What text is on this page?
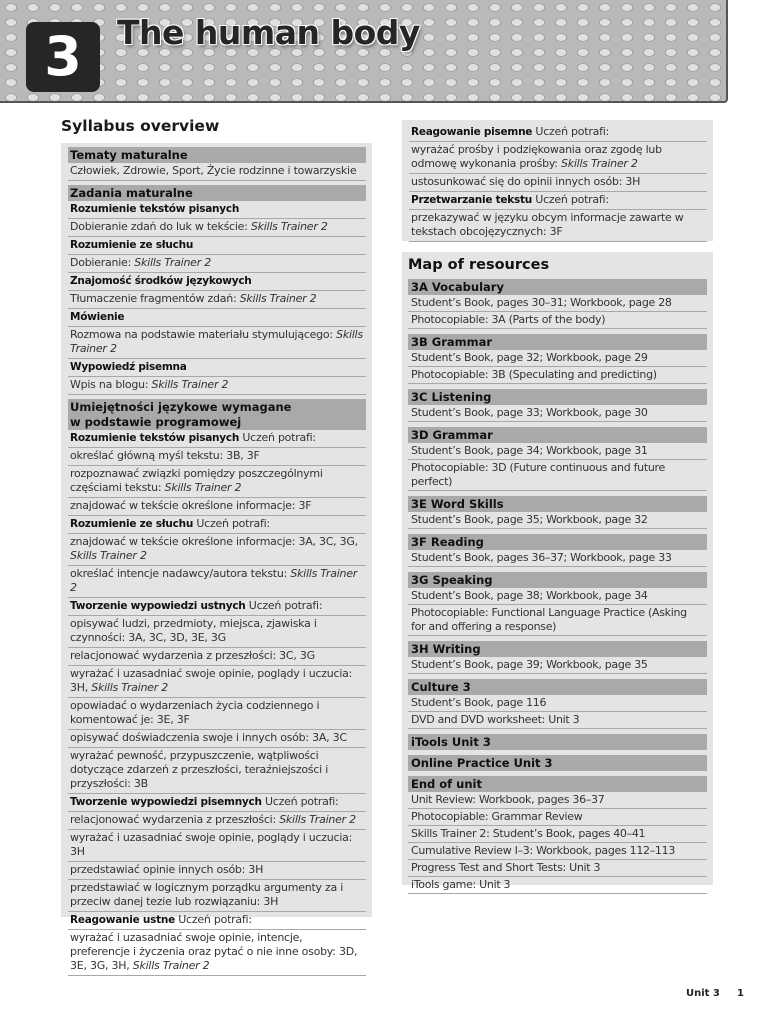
3	The human body
Syllabus overview
Tematy maturalne
Człowiek, Zdrowie, Sport, Życie rodzinne i towarzyskie
Zadania maturalne
Rozumienie tekstów pisanych
Dobieranie zdań do luk w tekście: Skills Trainer 2
Rozumienie ze słuchu
Dobieranie: Skills Trainer 2
Znajomość środków językowych
Tłumaczenie fragmentów zdań: Skills Trainer 2
Mówienie
Rozmowa na podstawie materiału stymulującego: Skills Trainer 2
Wypowiedź pisemna
Wpis na blogu: Skills Trainer 2
Umiejętności językowe wymagane
w podstawie programowej
Rozumienie tekstów pisanych Uczeń potrafi:
określać główną myśl tekstu: 3B, 3F
rozpoznawać związki pomiędzy poszczególnymi częściami tekstu: Skills Trainer 2
znajdować w tekście określone informacje: 3F
Rozumienie ze słuchu Uczeń potrafi:
znajdować w tekście określone informacje: 3A, 3C, 3G, Skills Trainer 2
określać intencje nadawcy/autora tekstu: Skills Trainer 2
Tworzenie wypowiedzi ustnych Uczeń potrafi:
opisywać ludzi, przedmioty, miejsca, zjawiska i czynności: 3A, 3C, 3D, 3E, 3G
relacjonować wydarzenia z przeszłości: 3C, 3G
wyrażać i uzasadniać swoje opinie, poglądy i uczucia: 3H, Skills Trainer 2
opowiadać o wydarzeniach życia codziennego i komentować je: 3E, 3F
opisywać doświadczenia swoje i innych osób: 3A, 3C
wyrażać pewność, przypuszczenie, wątpliwości dotyczące zdarzeń z przeszłości, teraźniejszości i przyszłości: 3B
Tworzenie wypowiedzi pisemnych Uczeń potrafi:
relacjonować wydarzenia z przeszłości: Skills Trainer 2
wyrażać i uzasadniać swoje opinie, poglądy i uczucia: 3H
przedstawiać opinie innych osób: 3H
przedstawiać w logicznym porządku argumenty za i przeciw danej tezie lub rozwiązaniu: 3H
Reagowanie ustne Uczeń potrafi:
wyrażać i uzasadniać swoje opinie, intencje, preferencje i życzenia oraz pytać o nie inne osoby: 3D, 3E, 3G, 3H, Skills Trainer 2
Reagowanie pisemne Uczeń potrafi:
wyrażać prośby i podziękowania oraz zgodę lub odmowę wykonania prośby: Skills Trainer 2
ustosunkować się do opinii innych osób: 3H
Przetwarzanie tekstu Uczeń potrafi:
przekazywać w języku obcym informacje zawarte w tekstach obcojęzycznych: 3F
Map of resources
3A Vocabulary
Student’s Book, pages 30–31; Workbook, page 28
Photocopiable: 3A (Parts of the body)
3B Grammar
Student’s Book, page 32; Workbook, page 29
Photocopiable: 3B (Speculating and predicting)
3C Listening
Student’s Book, page 33; Workbook, page 30
3D Grammar
Student’s Book, page 34; Workbook, page 31
Photocopiable: 3D (Future continuous and future perfect)
3E Word Skills
Student’s Book, page 35; Workbook, page 32
3F Reading
Student’s Book, pages 36–37; Workbook, page 33
3G Speaking
Student’s Book, page 38; Workbook, page 34
Photocopiable: Functional Language Practice (Asking for and offering a response)
3H Writing
Student’s Book, page 39; Workbook, page 35
Culture 3
Student’s Book, page 116
DVD and DVD worksheet: Unit 3
iTools Unit 3
Online Practice Unit 3
End of unit
Unit Review: Workbook, pages 36–37
Photocopiable: Grammar Review
Skills Trainer 2: Student’s Book, pages 40–41
Cumulative Review I–3: Workbook, pages 112–113
Progress Test and Short Tests: Unit 3
iTools game: Unit 3
Unit 3 1
